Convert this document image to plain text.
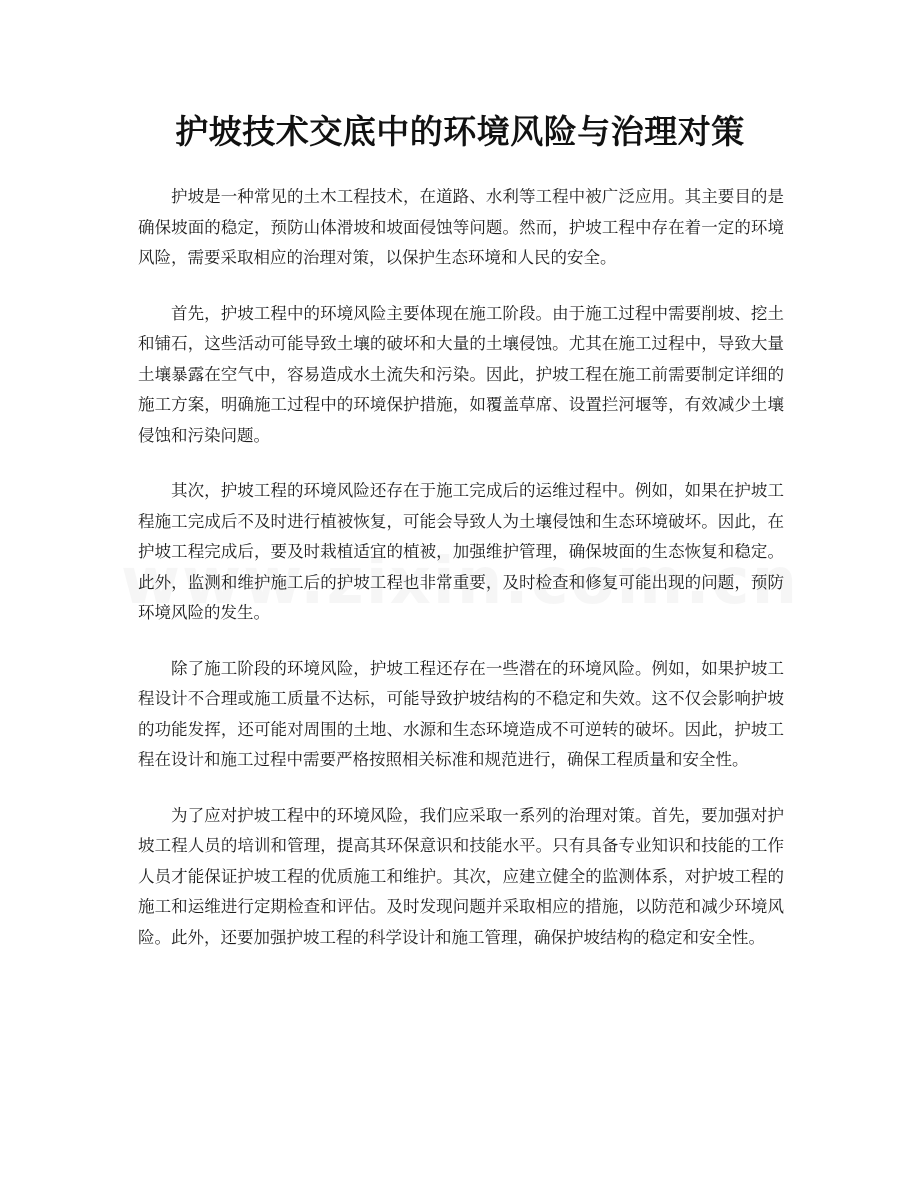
护坡技术交底中的环境风险与治理对策

护坡是一种常见的土木工程技术，在道路、水利等工程中被广泛应用。其主要目的是确保坡面的稳定，预防山体滑坡和坡面侵蚀等问题。然而，护坡工程中存在着一定的环境风险，需要采取相应的治理对策，以保护生态环境和人民的安全。

首先，护坡工程中的环境风险主要体现在施工阶段。由于施工过程中需要削坡、挖土和铺石，这些活动可能导致土壤的破坏和大量的土壤侵蚀。尤其在施工过程中，导致大量土壤暴露在空气中，容易造成水土流失和污染。因此，护坡工程在施工前需要制定详细的施工方案，明确施工过程中的环境保护措施，如覆盖草席、设置拦河堰等，有效减少土壤侵蚀和污染问题。

其次，护坡工程的环境风险还存在于施工完成后的运维过程中。例如，如果在护坡工程施工完成后不及时进行植被恢复，可能会导致人为土壤侵蚀和生态环境破坏。因此，在护坡工程完成后，要及时栽植适宜的植被，加强维护管理，确保坡面的生态恢复和稳定。此外，监测和维护施工后的护坡工程也非常重要，及时检查和修复可能出现的问题，预防环境风险的发生。

除了施工阶段的环境风险，护坡工程还存在一些潜在的环境风险。例如，如果护坡工程设计不合理或施工质量不达标，可能导致护坡结构的不稳定和失效。这不仅会影响护坡的功能发挥，还可能对周围的土地、水源和生态环境造成不可逆转的破坏。因此，护坡工程在设计和施工过程中需要严格按照相关标准和规范进行，确保工程质量和安全性。

为了应对护坡工程中的环境风险，我们应采取一系列的治理对策。首先，要加强对护坡工程人员的培训和管理，提高其环保意识和技能水平。只有具备专业知识和技能的工作人员才能保证护坡工程的优质施工和维护。其次，应建立健全的监测体系，对护坡工程的施工和运维进行定期检查和评估。及时发现问题并采取相应的措施，以防范和减少环境风险。此外，还要加强护坡工程的科学设计和施工管理，确保护坡结构的稳定和安全性。
